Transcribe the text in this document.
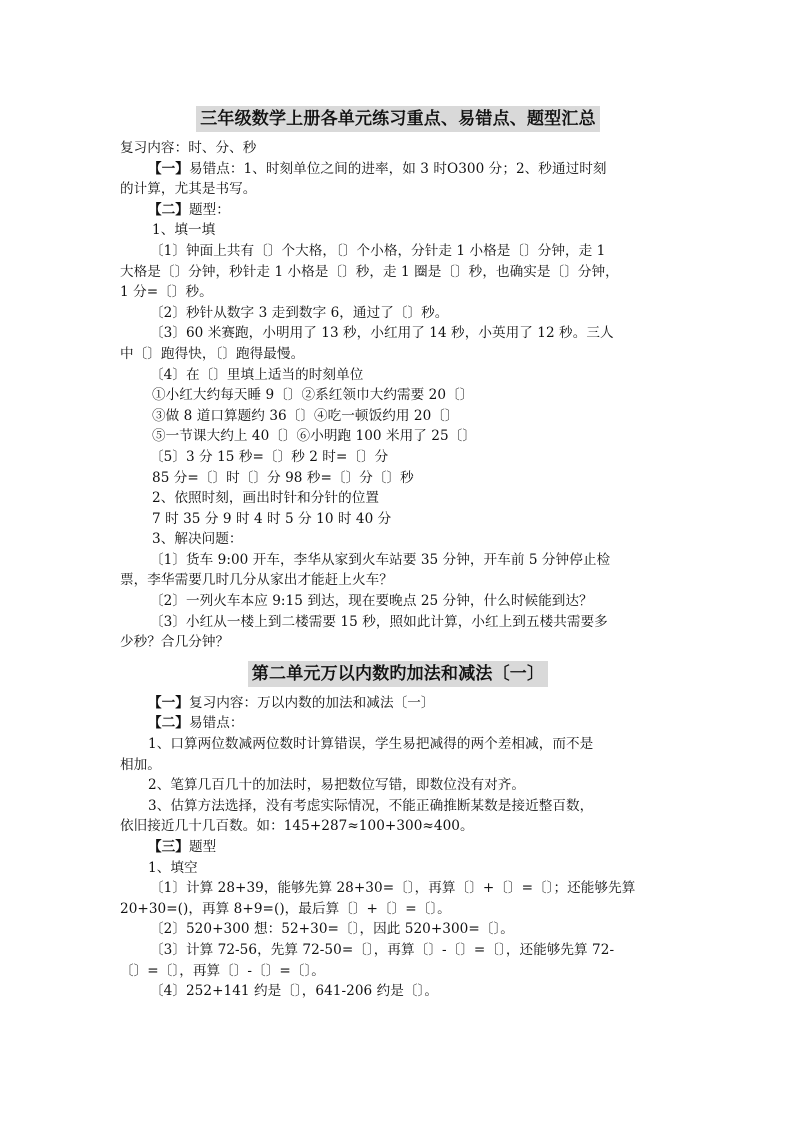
三年级数学上册各单元练习重点、易错点、题型汇总
复习内容：时、分、秒
【一】易错点：1、时刻单位之间的进率，如 3 时O300 分；2、秒通过时刻
的计算，尤其是书写。
【二】题型：
1、填一填
〔1〕钟面上共有〔〕个大格，〔〕个小格，分针走 1 小格是〔〕分钟，走 1
大格是〔〕分钟，秒针走 1 小格是〔〕秒，走 1 圈是〔〕秒，也确实是〔〕分钟，
1 分=〔〕秒。
〔2〕秒针从数字 3 走到数字 6，通过了〔〕秒。
〔3〕60 米赛跑，小明用了 13 秒，小红用了 14 秒，小英用了 12 秒。三人
中〔〕跑得快，〔〕跑得最慢。
〔4〕在〔〕里填上适当的时刻单位
①小红大约每天睡 9〔〕②系红领巾大约需要 20〔〕
③做 8 道口算题约 36〔〕④吃一顿饭约用 20〔〕
⑤一节课大约上 40〔〕⑥小明跑 100 米用了 25〔〕
〔5〕3 分 15 秒=〔〕秒 2 时=〔〕分
85 分=〔〕时〔〕分 98 秒=〔〕分〔〕秒
2、依照时刻，画出时针和分针的位置
7 时 35 分 9 时 4 时 5 分 10 时 40 分
3、解决问题：
〔1〕货车 9:00 开车，李华从家到火车站要 35 分钟，开车前 5 分钟停止检
票，李华需要几时几分从家出才能赶上火车？
〔2〕一列火车本应 9:15 到达，现在要晚点 25 分钟，什么时候能到达？
〔3〕小红从一楼上到二楼需要 15 秒，照如此计算，小红上到五楼共需要多
少秒？合几分钟？
第二单元万以内数旳加法和减法〔一〕
【一】复习内容：万以内数的加法和减法〔一〕
【二】易错点：
1、口算两位数减两位数时计算错误，学生易把减得的两个差相减，而不是
相加。
2、笔算几百几十的加法时，易把数位写错，即数位没有对齐。
3、估算方法选择，没有考虑实际情况，不能正确推断某数是接近整百数，
依旧接近几十几百数。如：145+287≈100+300≈400。
【三】题型
1、填空
〔1〕计算 28+39，能够先算 28+30=〔〕，再算〔〕+〔〕=〔〕；还能够先算
20+30=()，再算 8+9=()，最后算〔〕+〔〕=〔〕。
〔2〕520+300 想：52+30=〔〕，因此 520+300=〔〕。
〔3〕计算 72-56，先算 72-50=〔〕，再算〔〕-〔〕=〔〕，还能够先算 72-
〔〕=〔〕，再算〔〕-〔〕=〔〕。
〔4〕252+141 约是〔〕，641-206 约是〔〕。
